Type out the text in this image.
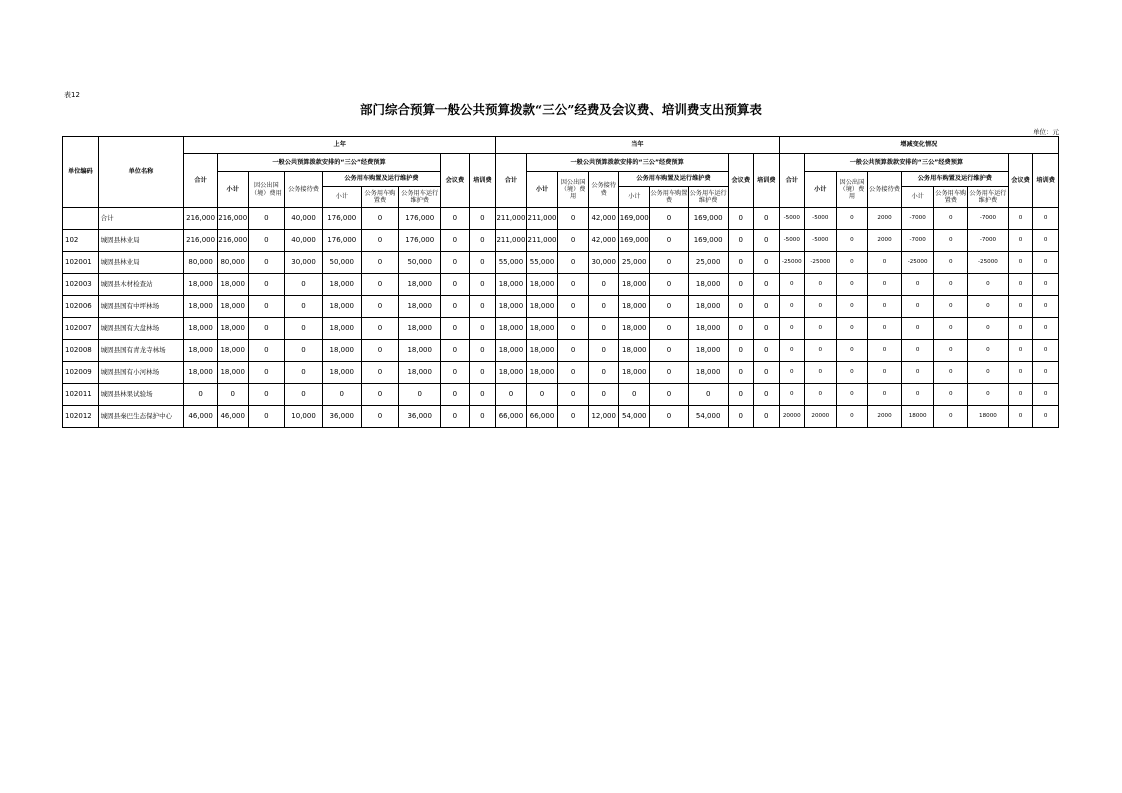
表12
部门综合预算一般公共预算拨款“三公”经费及会议费、培训费支出预算表
单位：元
单位编码	单位名称	上年									当年									增减变化情况								
		合计	一般公共预算拨款安排的“三公”经费预算						会议费	培训费	合计	一般公共预算拨款安排的“三公”经费预算						会议费	培训费	合计	一般公共预算拨款安排的“三公”经费预算						会议费	培训费
			小计	因公出国（境）费用	公务接待费	公务用车购置及运行维护费						小计	因公出国（境）费用	公务接待费	公务用车购置及运行维护费						小计	因公出国（境）费用	公务接待费	公务用车购置及运行维护费				
						小计	公务用车购置费	公务用车运行维护费							小计	公务用车购置费	公务用车运行维护费							小计	公务用车购置费	公务用车运行维护费		
	合计	216,000	216,000	0	40,000	176,000	0	176,000	0	0	211,000	211,000	0	42,000	169,000	0	169,000	0	0	-5000	-5000	0	2000	-7000	0	-7000	0	0
102	城固县林业局	216,000	216,000	0	40,000	176,000	0	176,000	0	0	211,000	211,000	0	42,000	169,000	0	169,000	0	0	-5000	-5000	0	2000	-7000	0	-7000	0	0
102001	城固县林业局	80,000	80,000	0	30,000	50,000	0	50,000	0	0	55,000	55,000	0	30,000	25,000	0	25,000	0	0	-25000	-25000	0	0	-25000	0	-25000	0	0
102003	城固县木材检查站	18,000	18,000	0	0	18,000	0	18,000	0	0	18,000	18,000	0	0	18,000	0	18,000	0	0	0	0	0	0	0	0	0	0	0
102006	城固县国有中坪林场	18,000	18,000	0	0	18,000	0	18,000	0	0	18,000	18,000	0	0	18,000	0	18,000	0	0	0	0	0	0	0	0	0	0	0
102007	城固县国有大盘林场	18,000	18,000	0	0	18,000	0	18,000	0	0	18,000	18,000	0	0	18,000	0	18,000	0	0	0	0	0	0	0	0	0	0	0
102008	城固县国有青龙寺林场	18,000	18,000	0	0	18,000	0	18,000	0	0	18,000	18,000	0	0	18,000	0	18,000	0	0	0	0	0	0	0	0	0	0	0
102009	城固县国有小河林场	18,000	18,000	0	0	18,000	0	18,000	0	0	18,000	18,000	0	0	18,000	0	18,000	0	0	0	0	0	0	0	0	0	0	0
102011	城固县林果试验场	0	0	0	0	0	0	0	0	0	0	0	0	0	0	0	0	0	0	0	0	0	0	0	0	0	0	0
102012	城固县秦巴生态保护中心	46,000	46,000	0	10,000	36,000	0	36,000	0	0	66,000	66,000	0	12,000	54,000	0	54,000	0	0	20000	20000	0	2000	18000	0	18000	0	0
